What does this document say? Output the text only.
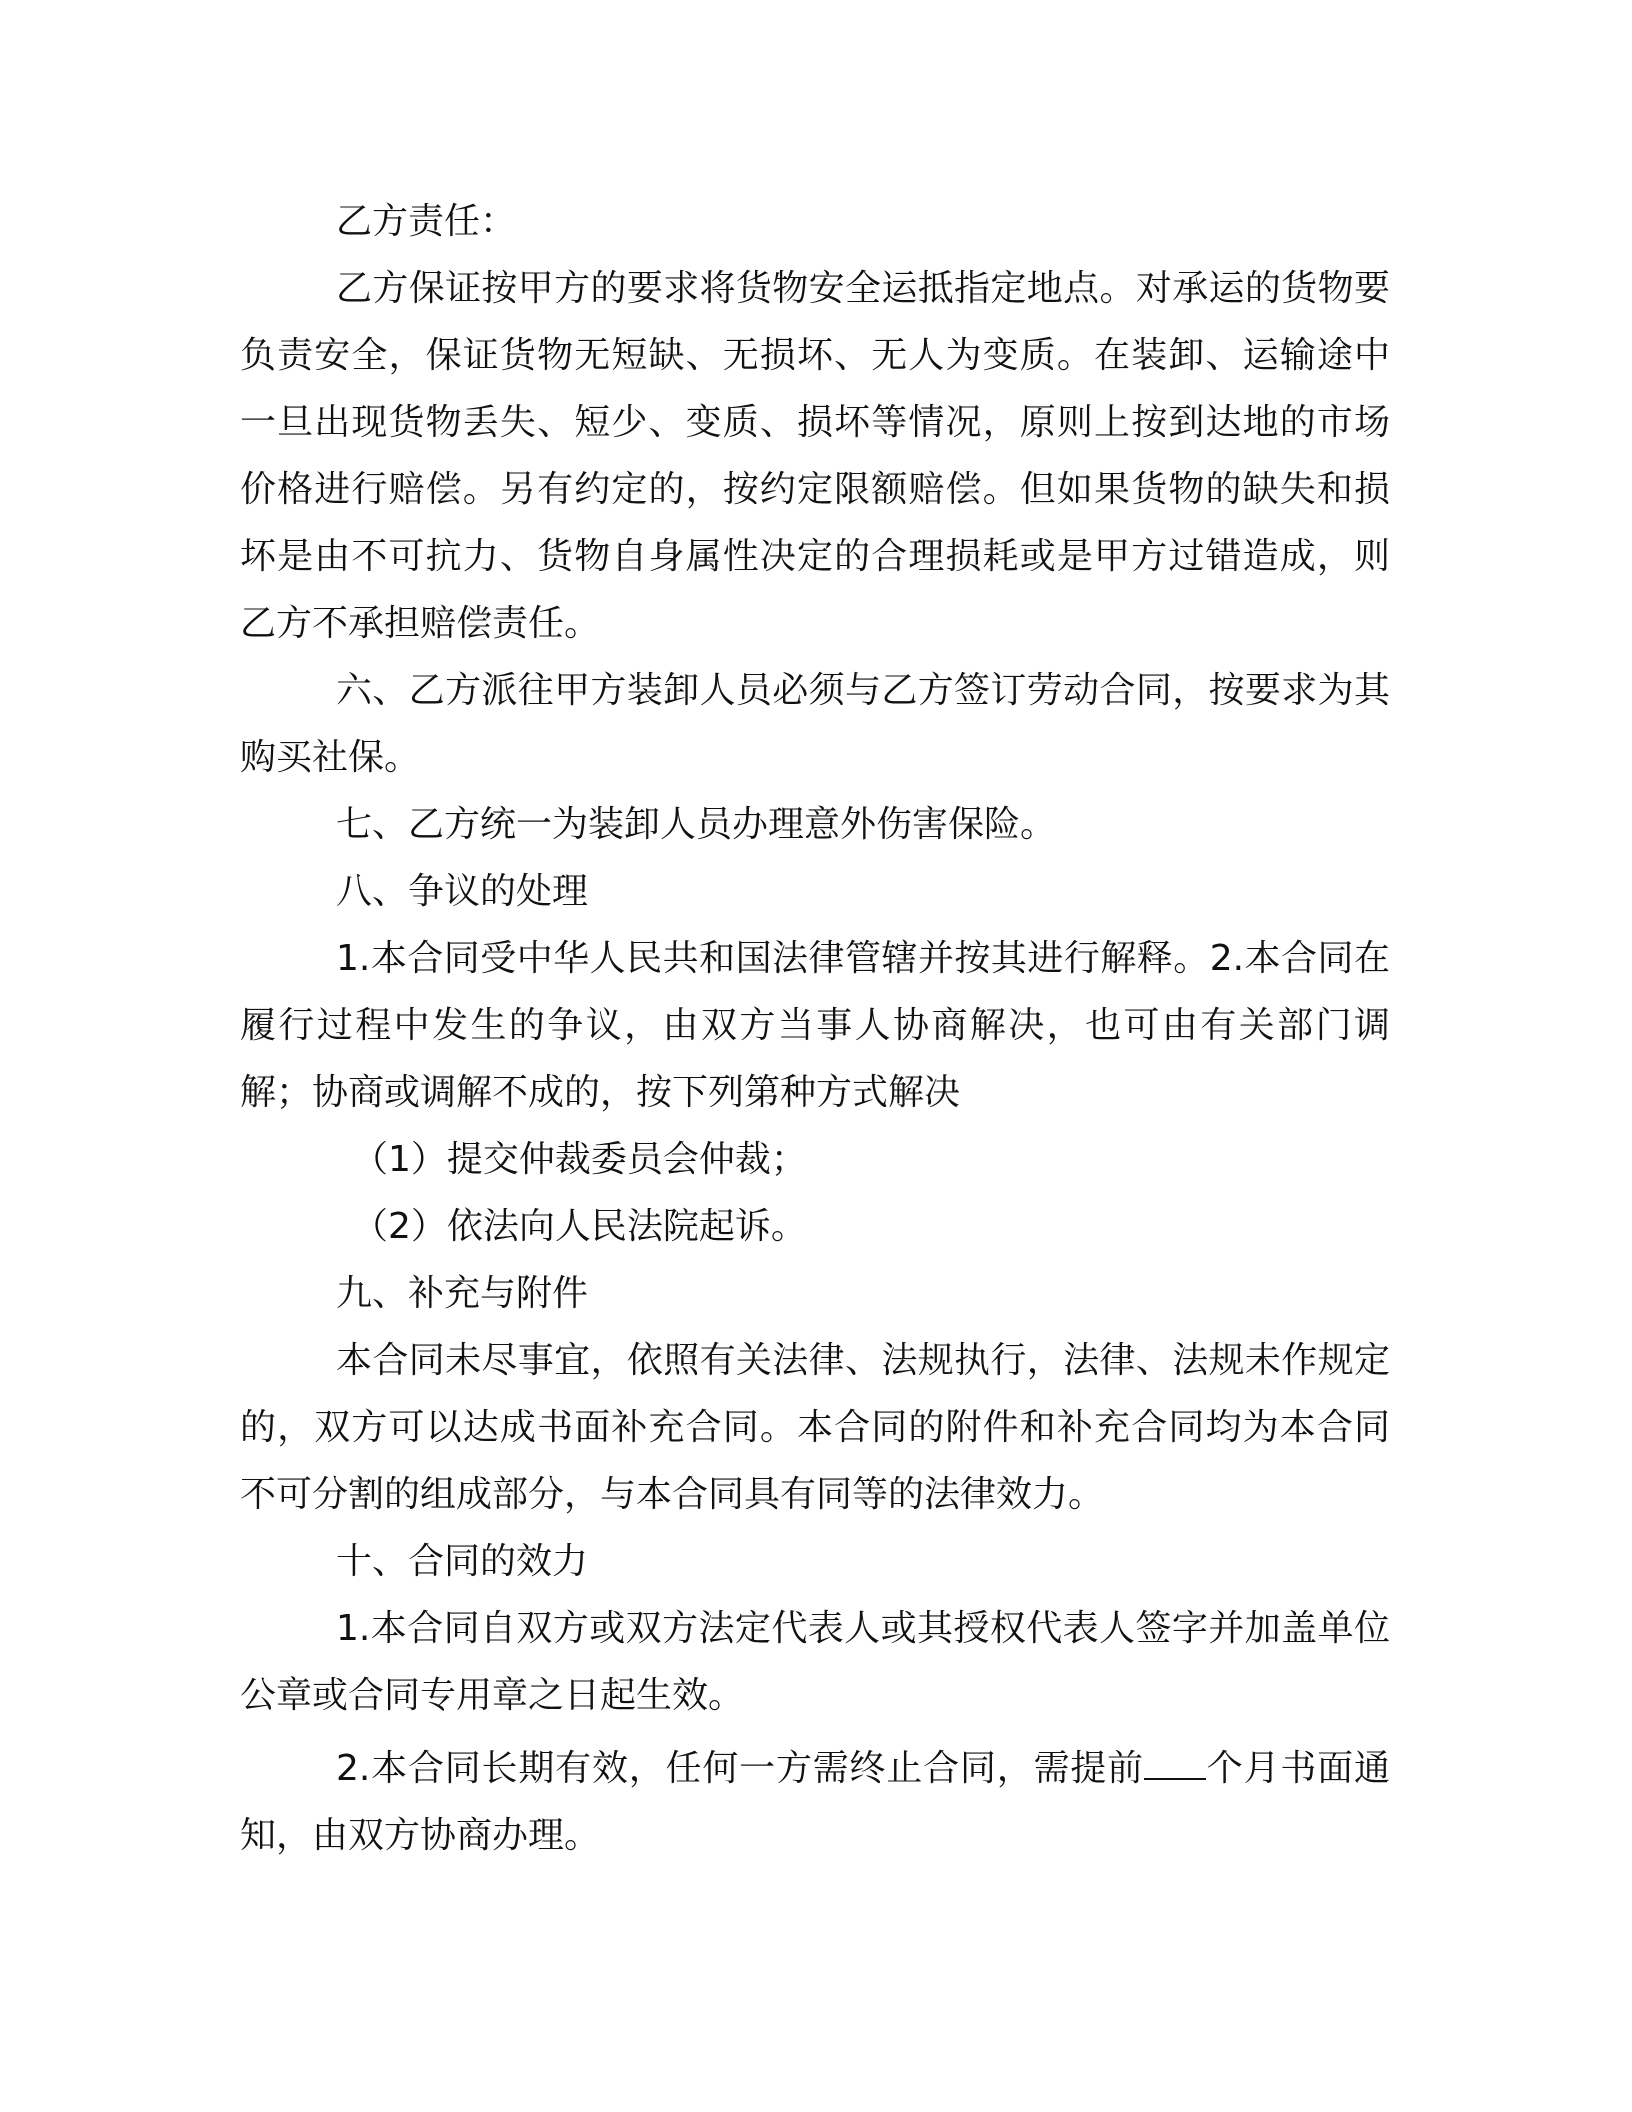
乙方责任：

乙方保证按甲方的要求将货物安全运抵指定地点。对承运的货物要负责安全，保证货物无短缺、无损坏、无人为变质。在装卸、运输途中一旦出现货物丢失、短少、变质、损坏等情况，原则上按到达地的市场价格进行赔偿。另有约定的，按约定限额赔偿。但如果货物的缺失和损坏是由不可抗力、货物自身属性决定的合理损耗或是甲方过错造成，则乙方不承担赔偿责任。

六、乙方派往甲方装卸人员必须与乙方签订劳动合同，按要求为其购买社保。

七、乙方统一为装卸人员办理意外伤害保险。

八、争议的处理

1.本合同受中华人民共和国法律管辖并按其进行解释。2.本合同在履行过程中发生的争议，由双方当事人协商解决，也可由有关部门调解；协商或调解不成的，按下列第种方式解决

（1）提交仲裁委员会仲裁；

（2）依法向人民法院起诉。

九、补充与附件

本合同未尽事宜，依照有关法律、法规执行，法律、法规未作规定的，双方可以达成书面补充合同。本合同的附件和补充合同均为本合同不可分割的组成部分，与本合同具有同等的法律效力。

十、合同的效力

1.本合同自双方或双方法定代表人或其授权代表人签字并加盖单位公章或合同专用章之日起生效。

2.本合同长期有效，任何一方需终止合同，需提前 个月书面通知，由双方协商办理。
